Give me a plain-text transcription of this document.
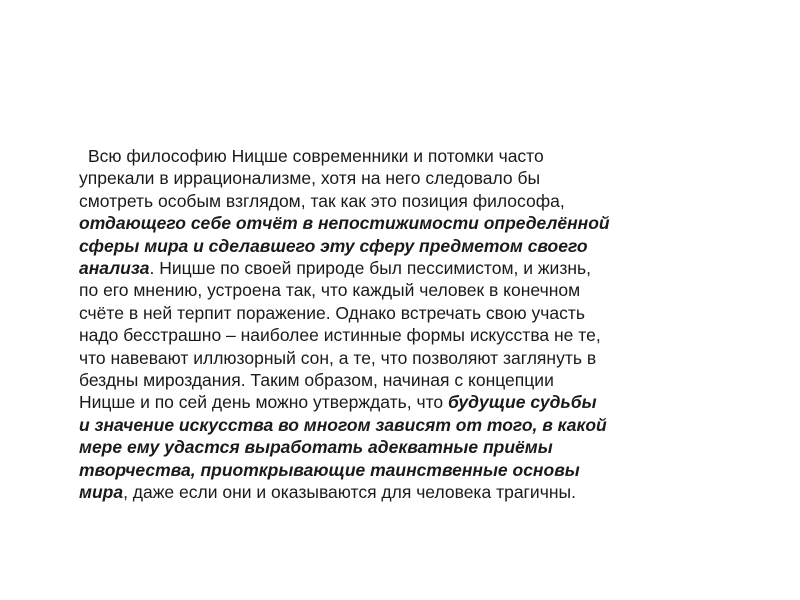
Всю философию Ницше современники и потомки часто
упрекали в иррационализме, хотя на него следовало бы
смотреть особым взглядом, так как это позиция философа,
отдающего себе отчёт в непостижимости определённой
сферы мира и сделавшего эту сферу предметом своего
анализа. Ницше по своей природе был пессимистом, и жизнь,
по его мнению, устроена так, что каждый человек в конечном
счёте в ней терпит поражение. Однако встречать свою участь
надо бесстрашно – наиболее истинные формы искусства не те,
что навевают иллюзорный сон, а те, что позволяют заглянуть в
бездны мироздания. Таким образом, начиная с концепции
Ницше и по сей день можно утверждать, что будущие судьбы
и значение искусства во многом зависят от того, в какой
мере ему удастся выработать адекватные приёмы
творчества, приоткрывающие таинственные основы
мира, даже если они и оказываются для человека трагичны.
